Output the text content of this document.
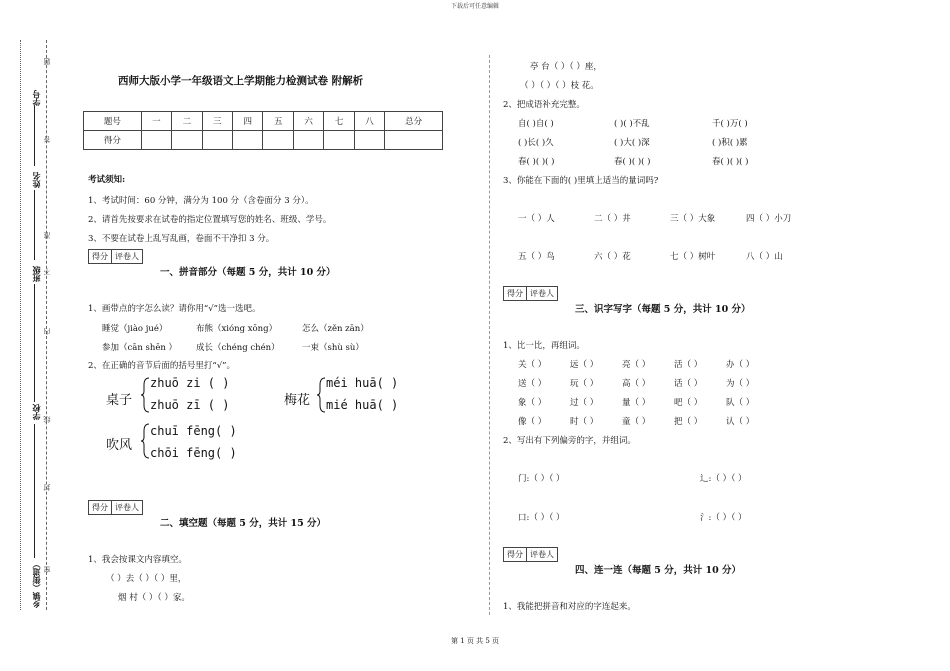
下载后可任意编辑
学号
姓名
班级
学校
乡镇（街道）
题
答
准
不
内
线
封
密
西师大版小学一年级语文上学期能力检测试卷 附解析
题号	一	二	三	四	五	六	七	八	总分
得分									
考试须知:
1、考试时间：60 分钟，满分为 100 分（含卷面分 3 分）。
2、请首先按要求在试卷的指定位置填写您的姓名、班级、学号。
3、不要在试卷上乱写乱画，卷面不干净扣 3 分。
得分 评卷人
一、拼音部分（每题 5 分，共计 10 分）
1、画带点的字怎么读？请你用“√”选一选吧。
睡觉（jiào jué）	布熊（xióng xōng）	怎么（zěn zān）
参加（cān shēn ） 成长（chéng chén）	一束（shù sù）
2、在正确的音节后面的括号里打“√”。
桌子
zhuō zi ( )
zhuō zī ( )	梅花
méi huā( )
mié huā( )
吹风
chuī fēng( )
chōi fēng( )
得分 评卷人
二、填空题（每题 5 分，共计 15 分）
1、我会按课文内容填空。
（ ）去（ ）（ ）里，
烟 村（ ）（ ）家。
亭 台（ ）（ ）座，
（ ）（ ）（ ）枝 花。
2、把成语补充完整。
自( )自( )	( )( )不乱	千( )万( )
( )长( )久	( )大( )深	( )积( )累
春( )( )( )	春( )( )( )	春( )( )( )
3、你能在下面的( )里填上适当的量词吗?
一（ ）人	二（ ）井	三（ ）大象	四（ ）小刀
五（ ）鸟	六（ ）花	七（ ）树叶	八（ ）山
得分 评卷人
三、识字写字（每题 5 分，共计 10 分）
1、比一比，再组词。
关（ ）	远（ ）	亮（ ）	活（ ）	办（ ）
送（ ）	玩（ ）	高（ ）	话（ ）	为（ ）
象（ ）	过（ ）	量（ ）	吧（ ）	队（ ）
像（ ）	时（ ）	童（ ）	把（ ）	认（ ）
2、写出有下列偏旁的字，并组词。
门:（ ）（ ）	辶:（ ）（ ）
口:（ ）（ ）	氵:（ ）（ ）
得分 评卷人
四、连一连（每题 5 分，共计 10 分）
1、我能把拼音和对应的字连起来。
第 1 页 共 5 页
